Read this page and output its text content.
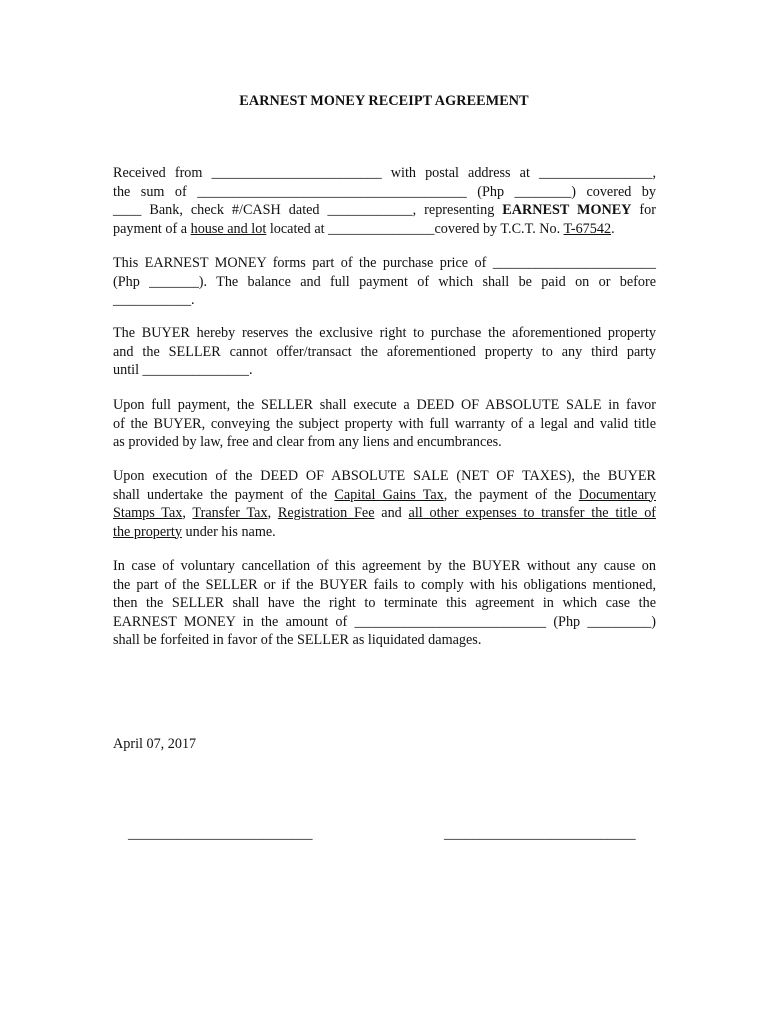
EARNEST MONEY RECEIPT AGREEMENT
Received from ________________________ with postal address at ________________,
the sum of ______________________________________ (Php ________) covered by
____ Bank, check #/CASH dated ____________, representing EARNEST MONEY for
payment of a house and lot located at _______________covered by T.C.T. No. T-67542.
This EARNEST MONEY forms part of the purchase price of _______________________
(Php _______). The balance and full payment of which shall be paid on or before
___________.
The BUYER hereby reserves the exclusive right to purchase the aforementioned property
and the SELLER cannot offer/transact the aforementioned property to any third party
until _______________.
Upon full payment, the SELLER shall execute a DEED OF ABSOLUTE SALE in favor
of the BUYER, conveying the subject property with full warranty of a legal and valid title
as provided by law, free and clear from any liens and encumbrances.
Upon execution of the DEED OF ABSOLUTE SALE (NET OF TAXES), the BUYER
shall undertake the payment of the Capital Gains Tax, the payment of the Documentary
Stamps Tax, Transfer Tax, Registration Fee and all other expenses to transfer the title of
the property under his name.
In case of voluntary cancellation of this agreement by the BUYER without any cause on
the part of the SELLER or if the BUYER fails to comply with his obligations mentioned,
then the SELLER shall have the right to terminate this agreement in which case the
EARNEST MONEY in the amount of ___________________________ (Php _________)
shall be forfeited in favor of the SELLER as liquidated damages.
April 07, 2017
__________________________	___________________________
